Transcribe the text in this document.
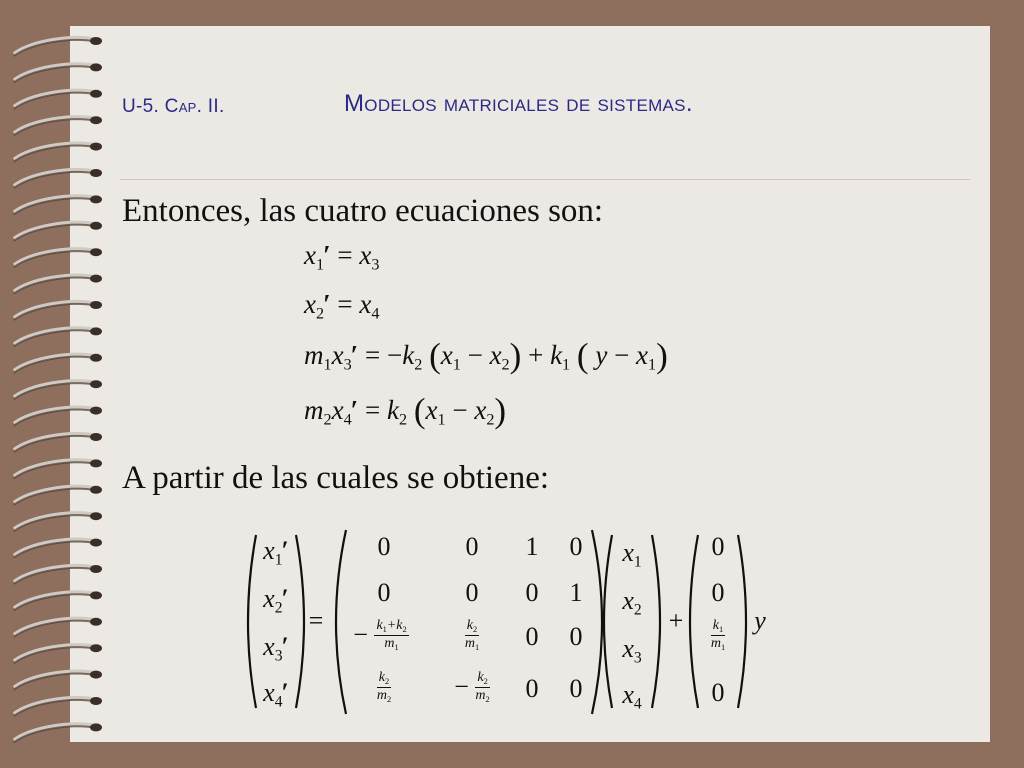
U-5. Cap. II.	Modelos matriciales de sistemas.
Entonces, las cuatro ecuaciones son:
$x_1' = x_3$
$x_2' = x_4$
$m_1x_3' = -k_2$ $(x_1 - x_2) + k_1$ ( $y - x_1$)
$m_2x_4' = k_2$ $(x_1 - x_2)$
A partir de las cuales se obtiene:
$x_1'$
$x_2'$
$x_3'$
$x_4'$
=
0	0	1	0
0	0	0	1
− $\frac{k_1+k_2}{m_1}$	$\frac{k_2}{m_1}$	0	0
$\frac{k_2}{m_2}$	− $\frac{k_2}{m_2}$	0	0
$x_1$
$x_2$
$x_3$
$x_4$
+
0
0
$\frac{k_1}{m_1}$
0
y
